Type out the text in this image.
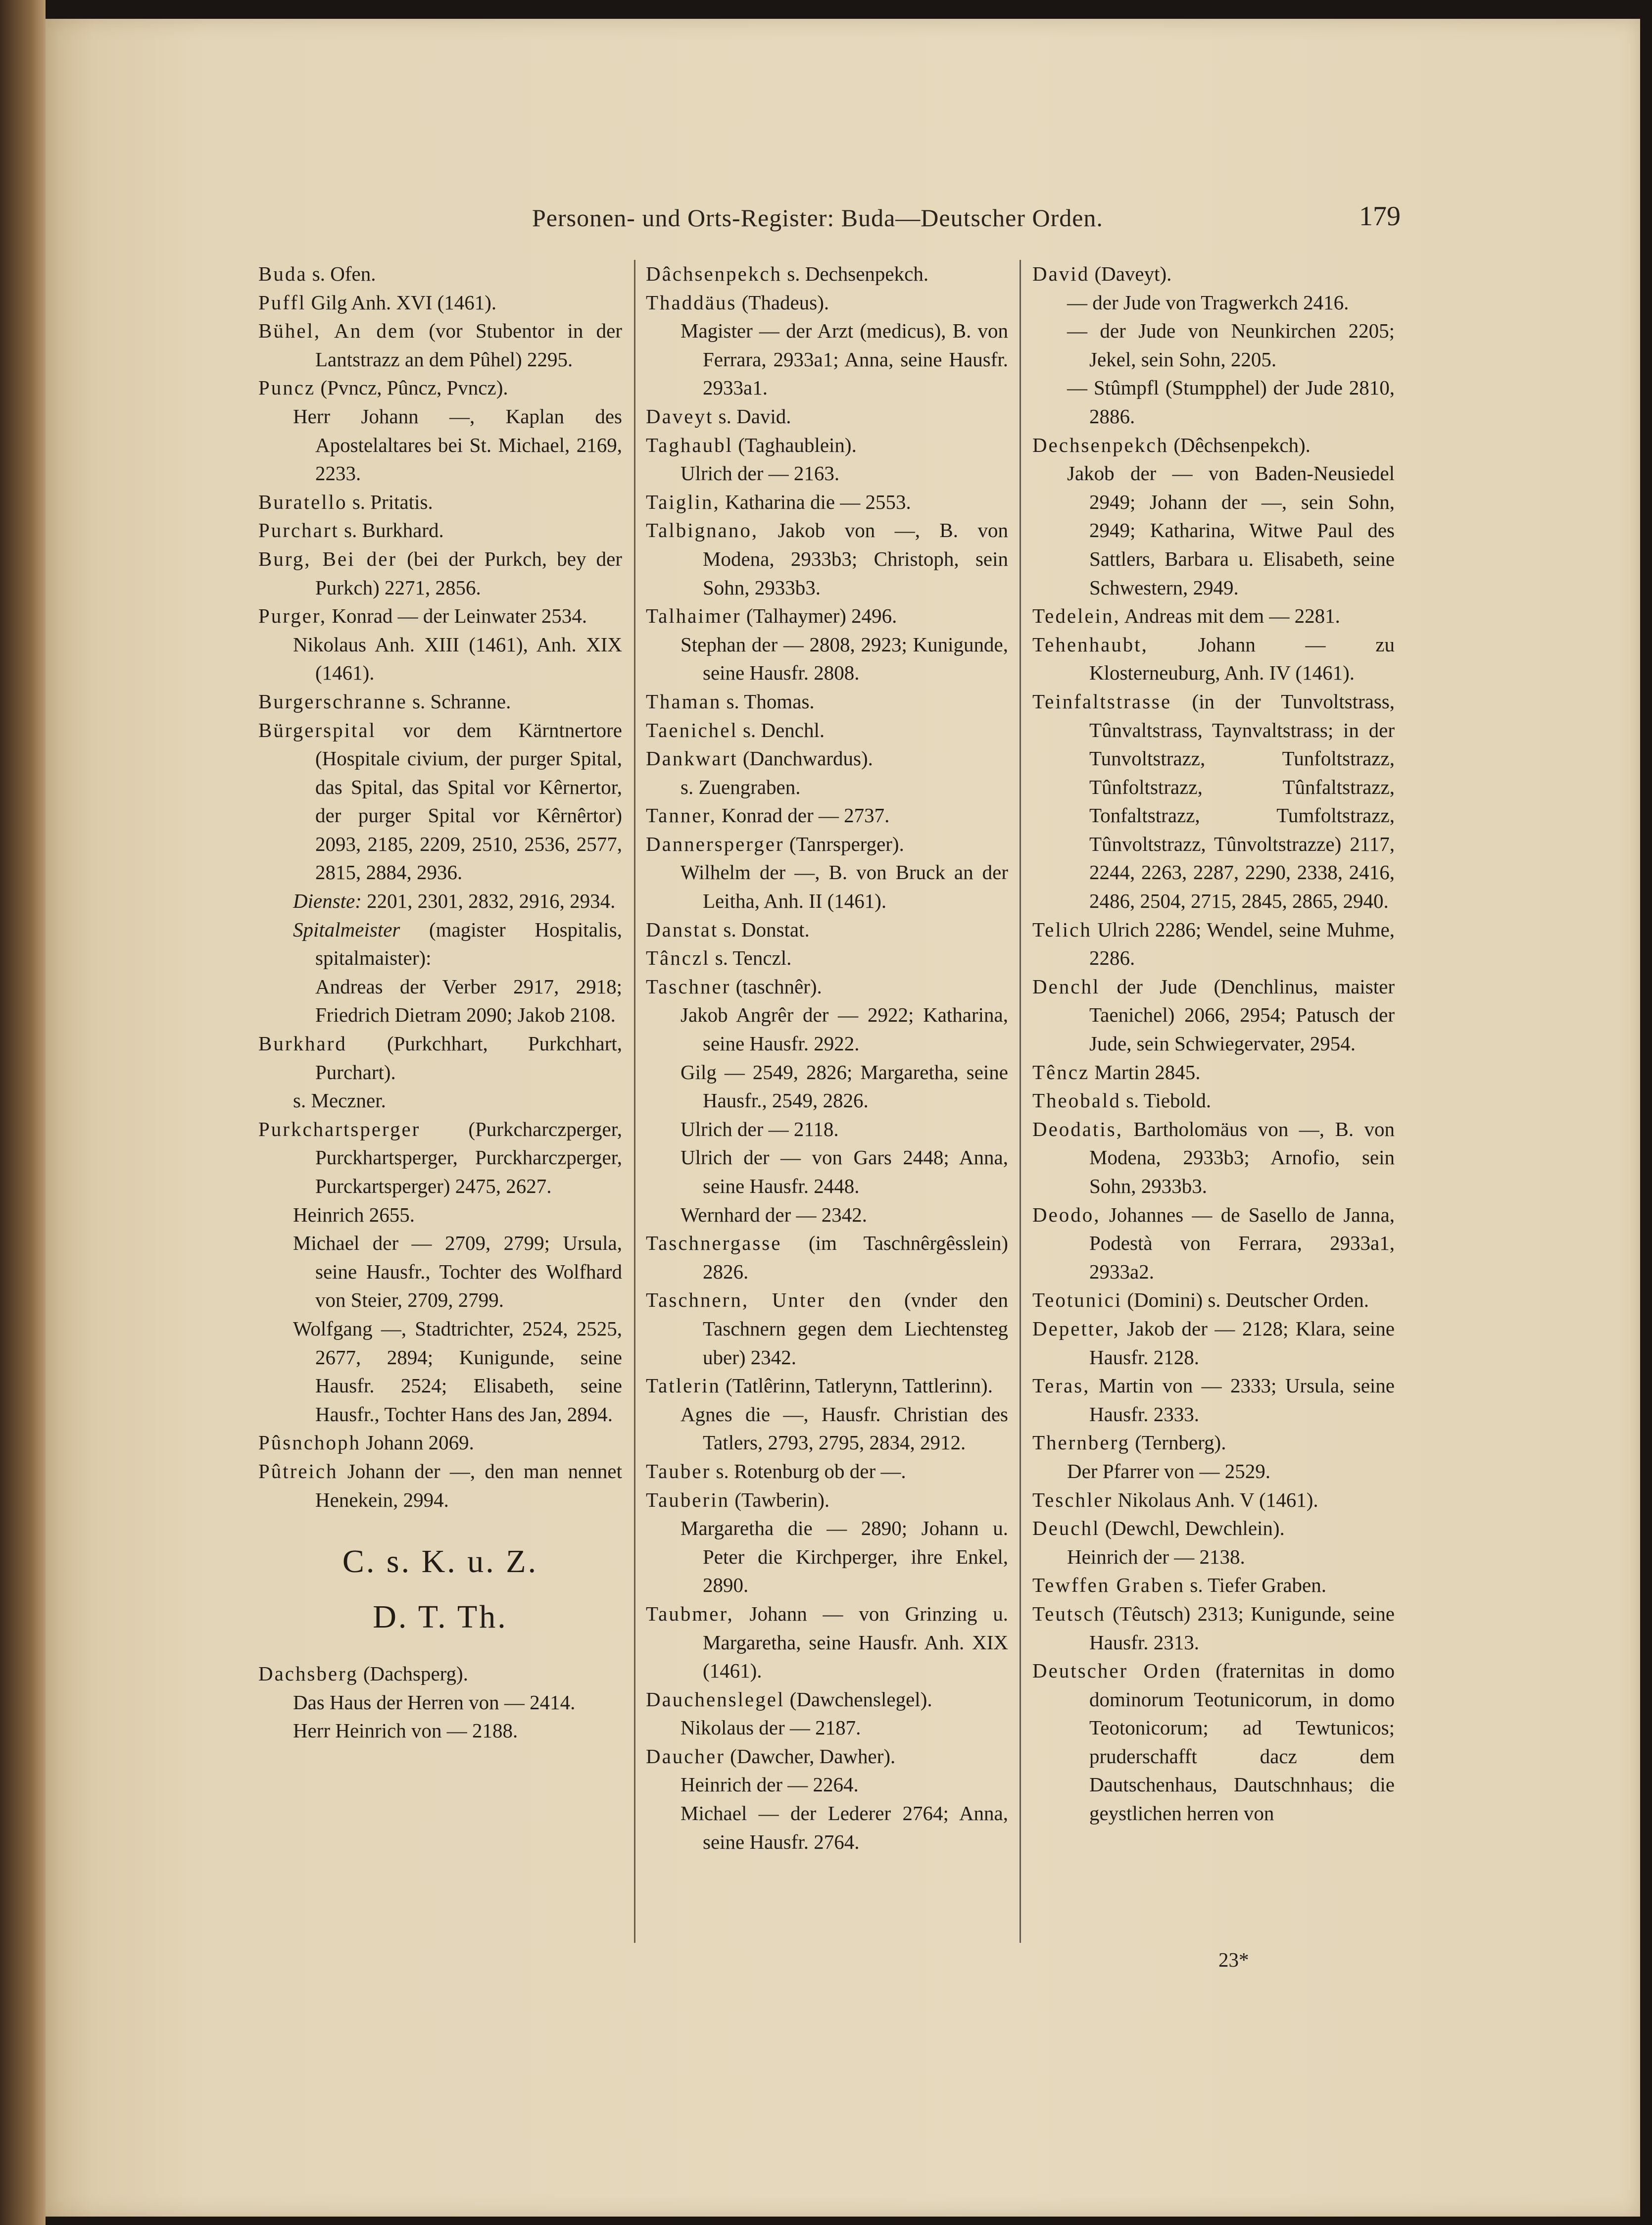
Personen- und Orts-Register: Buda—Deutscher Orden.	179
Buda s. Ofen.
Puffl Gilg Anh. XVI (1461).
Bühel, An dem (vor Stubentor in der Lantstrazz an dem Pûhel) 2295.
Puncz (Pvncz, Pûncz, Pvncz).
Herr Johann —, Kaplan des Apostelaltares bei St. Michael, 2169, 2233.
Buratello s. Pritatis.
Purchart s. Burkhard.
Burg, Bei der (bei der Purkch, bey der Purkch) 2271, 2856.
Purger, Konrad — der Leinwater 2534.
Nikolaus Anh. XIII (1461), Anh. XIX (1461).
Burgerschranne s. Schranne.
Bürgerspital vor dem Kärntnertore (Hospitale civium, der purger Spital, das Spital, das Spital vor Kêrnertor, der purger Spital vor Kêrnêrtor) 2093, 2185, 2209, 2510, 2536, 2577, 2815, 2884, 2936.
Dienste: 2201, 2301, 2832, 2916, 2934.
Spitalmeister (magister Hospitalis, spitalmaister):
Andreas der Verber 2917, 2918; Friedrich Dietram 2090; Jakob 2108.
Burkhard (Purkchhart, Purkchhart, Purchart).
s. Meczner.
Purkchartsperger (Purkcharczperger, Purckhartsperger, Purckharczperger, Purckartsperger) 2475, 2627.
Heinrich 2655.
Michael der — 2709, 2799; Ursula, seine Hausfr., Tochter des Wolfhard von Steier, 2709, 2799.
Wolfgang —, Stadtrichter, 2524, 2525, 2677, 2894; Kunigunde, seine Hausfr. 2524; Elisabeth, seine Hausfr., Tochter Hans des Jan, 2894.
Pûsnchoph Johann 2069.
Pûtreich Johann der —, den man nennet Henekein, 2994.
C. s. K. u. Z.
D. T. Th.
Dachsberg (Dachsperg).
Das Haus der Herren von — 2414.
Herr Heinrich von — 2188.
Dâchsenpekch s. Dechsenpekch.
Thaddäus (Thadeus).
Magister — der Arzt (medicus), B. von Ferrara, 2933a1; Anna, seine Hausfr. 2933a1.
Daveyt s. David.
Taghaubl (Taghaublein).
Ulrich der — 2163.
Taiglin, Katharina die — 2553.
Talbignano, Jakob von —, B. von Modena, 2933b3; Christoph, sein Sohn, 2933b3.
Talhaimer (Talhaymer) 2496.
Stephan der — 2808, 2923; Kunigunde, seine Hausfr. 2808.
Thaman s. Thomas.
Taenichel s. Denchl.
Dankwart (Danchwardus).
s. Zuengraben.
Tanner, Konrad der — 2737.
Dannersperger (Tanrsperger).
Wilhelm der —, B. von Bruck an der Leitha, Anh. II (1461).
Danstat s. Donstat.
Tânczl s. Tenczl.
Taschner (taschnêr).
Jakob Angrêr der — 2922; Katharina, seine Hausfr. 2922.
Gilg — 2549, 2826; Margaretha, seine Hausfr., 2549, 2826.
Ulrich der — 2118.
Ulrich der — von Gars 2448; Anna, seine Hausfr. 2448.
Wernhard der — 2342.
Taschnergasse (im Taschnêrgêsslein) 2826.
Taschnern, Unter den (vnder den Taschnern gegen dem Liechtensteg uber) 2342.
Tatlerin (Tatlêrinn, Tatlerynn, Tattlerinn).
Agnes die —, Hausfr. Christian des Tatlers, 2793, 2795, 2834, 2912.
Tauber s. Rotenburg ob der —.
Tauberin (Tawberin).
Margaretha die — 2890; Johann u. Peter die Kirchperger, ihre Enkel, 2890.
Taubmer, Johann — von Grinzing u. Margaretha, seine Hausfr. Anh. XIX (1461).
Dauchenslegel (Dawchenslegel).
Nikolaus der — 2187.
Daucher (Dawcher, Dawher).
Heinrich der — 2264.
Michael — der Lederer 2764; Anna, seine Hausfr. 2764.
David (Daveyt).
— der Jude von Tragwerkch 2416.
— der Jude von Neunkirchen 2205; Jekel, sein Sohn, 2205.
— Stûmpfl (Stumpphel) der Jude 2810, 2886.
Dechsenpekch (Dêchsenpekch).
Jakob der — von Baden-Neusiedel 2949; Johann der —, sein Sohn, 2949; Katharina, Witwe Paul des Sattlers, Barbara u. Elisabeth, seine Schwestern, 2949.
Tedelein, Andreas mit dem — 2281.
Tehenhaubt, Johann — zu Klosterneuburg, Anh. IV (1461).
Teinfaltstrasse (in der Tunvoltstrass, Tûnvaltstrass, Taynvaltstrass; in der Tunvoltstrazz, Tunfoltstrazz, Tûnfoltstrazz, Tûnfaltstrazz, Tonfaltstrazz, Tumfoltstrazz, Tûnvoltstrazz, Tûnvoltstrazze) 2117, 2244, 2263, 2287, 2290, 2338, 2416, 2486, 2504, 2715, 2845, 2865, 2940.
Telich Ulrich 2286; Wendel, seine Muhme, 2286.
Denchl der Jude (Denchlinus, maister Taenichel) 2066, 2954; Patusch der Jude, sein Schwiegervater, 2954.
Têncz Martin 2845.
Theobald s. Tiebold.
Deodatis, Bartholomäus von —, B. von Modena, 2933b3; Arnofio, sein Sohn, 2933b3.
Deodo, Johannes — de Sasello de Janna, Podestà von Ferrara, 2933a1, 2933a2.
Teotunici (Domini) s. Deutscher Orden.
Depetter, Jakob der — 2128; Klara, seine Hausfr. 2128.
Teras, Martin von — 2333; Ursula, seine Hausfr. 2333.
Thernberg (Ternberg).
Der Pfarrer von — 2529.
Teschler Nikolaus Anh. V (1461).
Deuchl (Dewchl, Dewchlein).
Heinrich der — 2138.
Tewffen Graben s. Tiefer Graben.
Teutsch (Têutsch) 2313; Kunigunde, seine Hausfr. 2313.
Deutscher Orden (fraternitas in domo dominorum Teotunicorum, in domo Teotonicorum; ad Tewtunicos; pruderschafft dacz dem Dautschenhaus, Dautschnhaus; die geystlichen herren von
23*
